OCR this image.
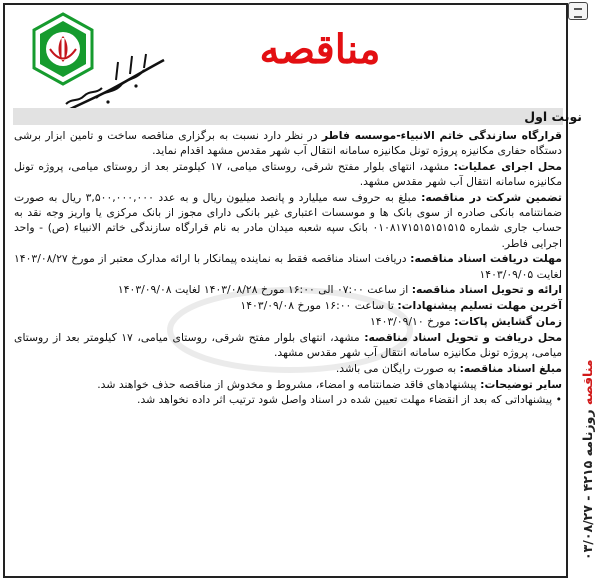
مناقصه
نوبت اول

قرارگاه سازندگی خاتم الانبیاء-موسسه فاطر در نظر دارد نسبت به برگزاری مناقصه ساخت و تامین ابزار برشی دستگاه حفاری مکانیزه پروژه تونل مکانیزه سامانه انتقال آب شهر مقدس مشهد اقدام نماید.

محل اجرای عملیات: مشهد، انتهای بلوار مفتح شرقی، روستای میامی، ۱۷ کیلومتر بعد از روستای میامی، پروژه تونل مکانیزه سامانه انتقال آب شهر مقدس مشهد.

تضمین شرکت در مناقصه: مبلغ به حروف سه میلیارد و پانصد میلیون ریال و به عدد ۳,۵۰۰,۰۰۰,۰۰۰ ریال به صورت ضمانتنامه بانکی صادره از سوی بانک ها و موسسات اعتباری غیر بانکی دارای مجوز از بانک مرکزی یا واریز وجه نقد به حساب جاری شماره ۰۱۰۸۱۷۱۵۱۵۱۵۱۵۱۵ بانک سپه شعبه میدان مادر به نام قرارگاه سازندگی خاتم الانبیاء (ص) - واحد اجرایی فاطر.

مهلت دریافت اسناد مناقصه: دریافت اسناد مناقصه فقط به نماینده پیمانکار با ارائه مدارک معتبر از مورخ ۱۴۰۳/۰۸/۲۷ لغایت ۱۴۰۳/۰۹/۰۵

ارائه و تحویل اسناد مناقصه: از ساعت ۰۷:۰۰ الی ۱۶:۰۰ مورخ ۱۴۰۳/۰۸/۲۸ لغایت ۱۴۰۳/۰۹/۰۸

آخرین مهلت تسلیم پیشنهادات: تا ساعت ۱۶:۰۰ مورخ ۱۴۰۳/۰۹/۰۸

زمان گشایش پاکات: مورخ ۱۴۰۳/۰۹/۱۰

محل دریافت و تحویل اسناد مناقصه: مشهد، انتهای بلوار مفتح شرقی، روستای میامی، ۱۷ کیلومتر بعد از روستای میامی، پروژه تونل مکانیزه سامانه انتقال آب شهر مقدس مشهد.

مبلغ اسناد مناقصه: به صورت رایگان می باشد.

سایر توضیحات: پیشنهادهای فاقد ضمانتنامه و امضاء، مشروط و مخدوش از مناقصه حذف خواهند شد.

• پیشنهاداتی که بعد از انقضاء مهلت تعیین شده در اسناد واصل شود ترتیب اثر داده نخواهد شد.

۰۳/۰۸/۲۷ - ۴۲۱۵ مناقصه روزنامه
